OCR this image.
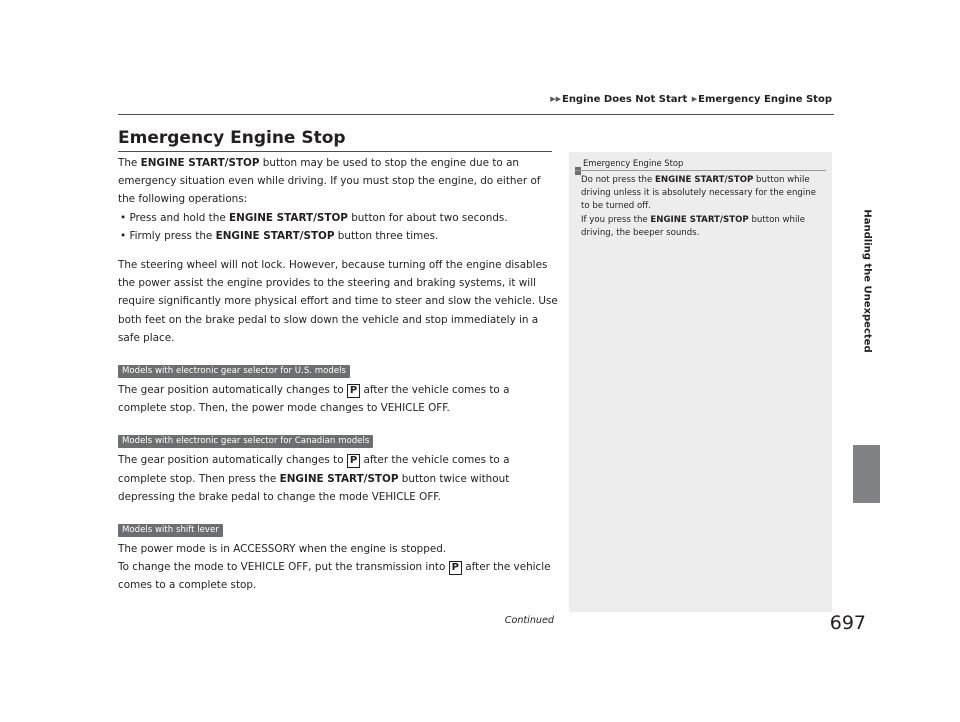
▶▶Engine Does Not Start ▶Emergency Engine Stop
Emergency Engine Stop

The ENGINE START/STOP button may be used to stop the engine due to an emergency situation even while driving. If you must stop the engine, do either of the following operations:

• Press and hold the ENGINE START/STOP button for about two seconds.

• Firmly press the ENGINE START/STOP button three times.

The steering wheel will not lock. However, because turning off the engine disables the power assist the engine provides to the steering and braking systems, it will require significantly more physical effort and time to steer and slow the vehicle. Use both feet on the brake pedal to slow down the vehicle and stop immediately in a safe place.

Models with electronic gear selector for U.S. models

The gear position automatically changes to P after the vehicle comes to a complete stop. Then, the power mode changes to VEHICLE OFF.

Models with electronic gear selector for Canadian models

The gear position automatically changes to P after the vehicle comes to a complete stop. Then press the ENGINE START/STOP button twice without depressing the brake pedal to change the mode VEHICLE OFF.

Models with shift lever

The power mode is in ACCESSORY when the engine is stopped.

To change the mode to VEHICLE OFF, put the transmission into P after the vehicle comes to a complete stop.

Emergency Engine Stop

Do not press the ENGINE START/STOP button while driving unless it is absolutely necessary for the engine to be turned off.

If you press the ENGINE START/STOP button while driving, the beeper sounds.	Handling the Unexpected
Continued	697
